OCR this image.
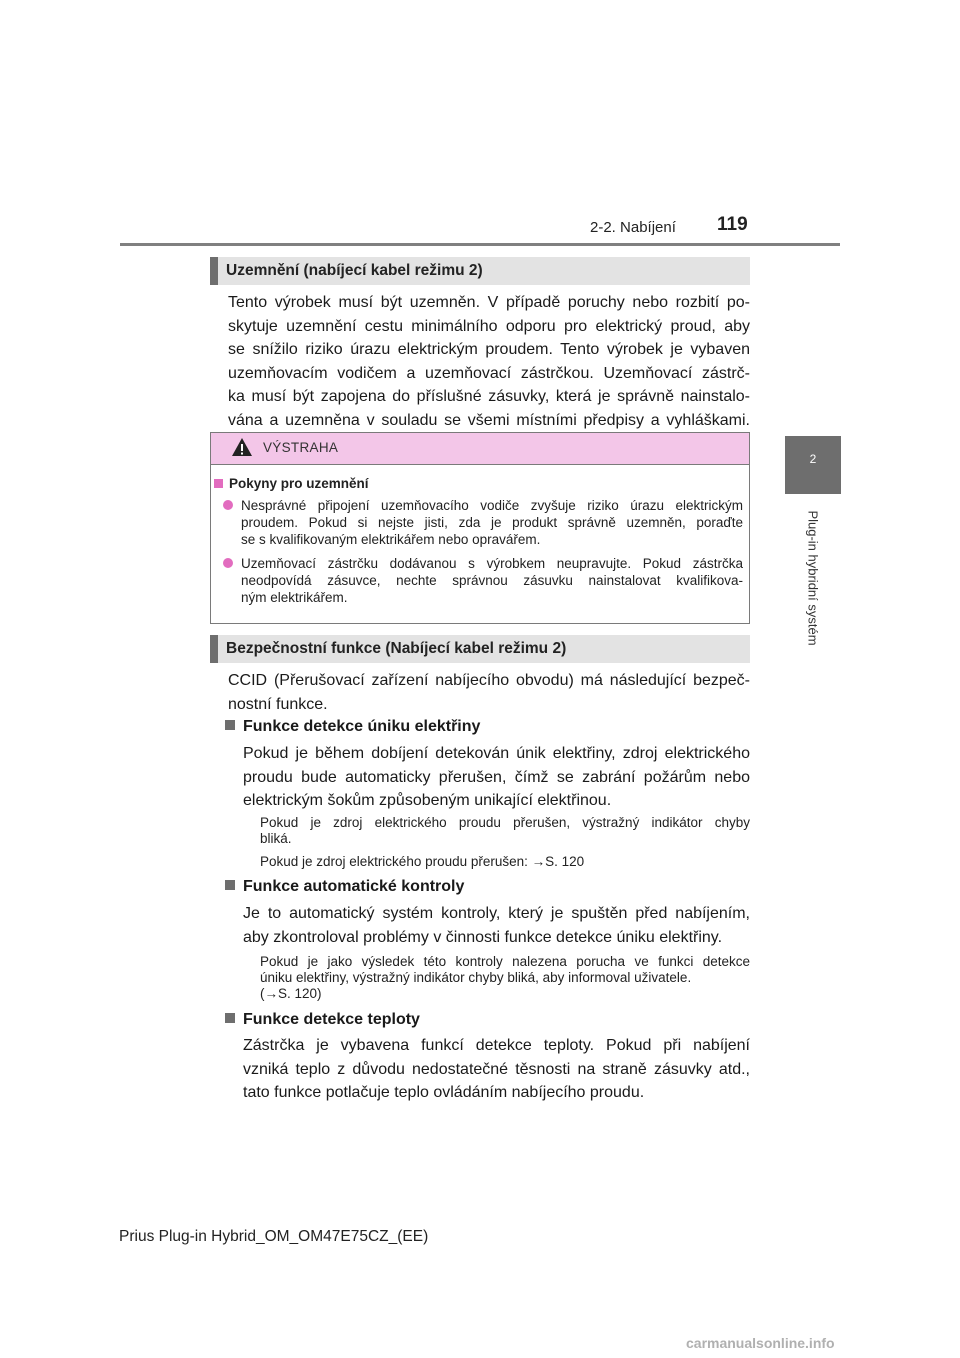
2-2. Nabíjení 119
2
Plug-in hybridní systém
Uzemnění (nabíjecí kabel režimu 2)
Tento výrobek musí být uzemněn. V případě poruchy nebo rozbití po-
skytuje uzemnění cestu minimálního odporu pro elektrický proud, aby
se snížilo riziko úrazu elektrickým proudem. Tento výrobek je vybaven
uzemňovacím vodičem a uzemňovací zástrčkou. Uzemňovací zástrč-
ka musí být zapojena do příslušné zásuvky, která je správně nainstalo-
vána a uzemněna v souladu se všemi místními předpisy a vyhláškami.
VÝSTRAHA
Pokyny pro uzemnění
Nesprávné připojení uzemňovacího vodiče zvyšuje riziko úrazu elektrickým
proudem. Pokud si nejste jisti, zda je produkt správně uzemněn, poraďte
se s kvalifikovaným elektrikářem nebo opravářem.
Uzemňovací zástrčku dodávanou s výrobkem neupravujte. Pokud zástrčka
neodpovídá zásuvce, nechte správnou zásuvku nainstalovat kvalifikova-
ným elektrikářem.
Bezpečnostní funkce (Nabíjecí kabel režimu 2)
CCID (Přerušovací zařízení nabíjecího obvodu) má následující bezpeč-
nostní funkce.
Funkce detekce úniku elektřiny
Pokud je během dobíjení detekován únik elektřiny, zdroj elektrického
proudu bude automaticky přerušen, čímž se zabrání požárům nebo
elektrickým šokům způsobeným unikající elektřinou.
Pokud je zdroj elektrického proudu přerušen, výstražný indikátor chyby
bliká.
Pokud je zdroj elektrického proudu přerušen: →S. 120
Funkce automatické kontroly
Je to automatický systém kontroly, který je spuštěn před nabíjením,
aby zkontroloval problémy v činnosti funkce detekce úniku elektřiny.
Pokud je jako výsledek této kontroly nalezena porucha ve funkci detekce
úniku elektřiny, výstražný indikátor chyby bliká, aby informoval uživatele.
(→S. 120)
Funkce detekce teploty
Zástrčka je vybavena funkcí detekce teploty. Pokud při nabíjení
vzniká teplo z důvodu nedostatečné těsnosti na straně zásuvky atd.,
tato funkce potlačuje teplo ovládáním nabíjecího proudu.
Prius Plug-in Hybrid_OM_OM47E75CZ_(EE)
carmanualsonline.info
